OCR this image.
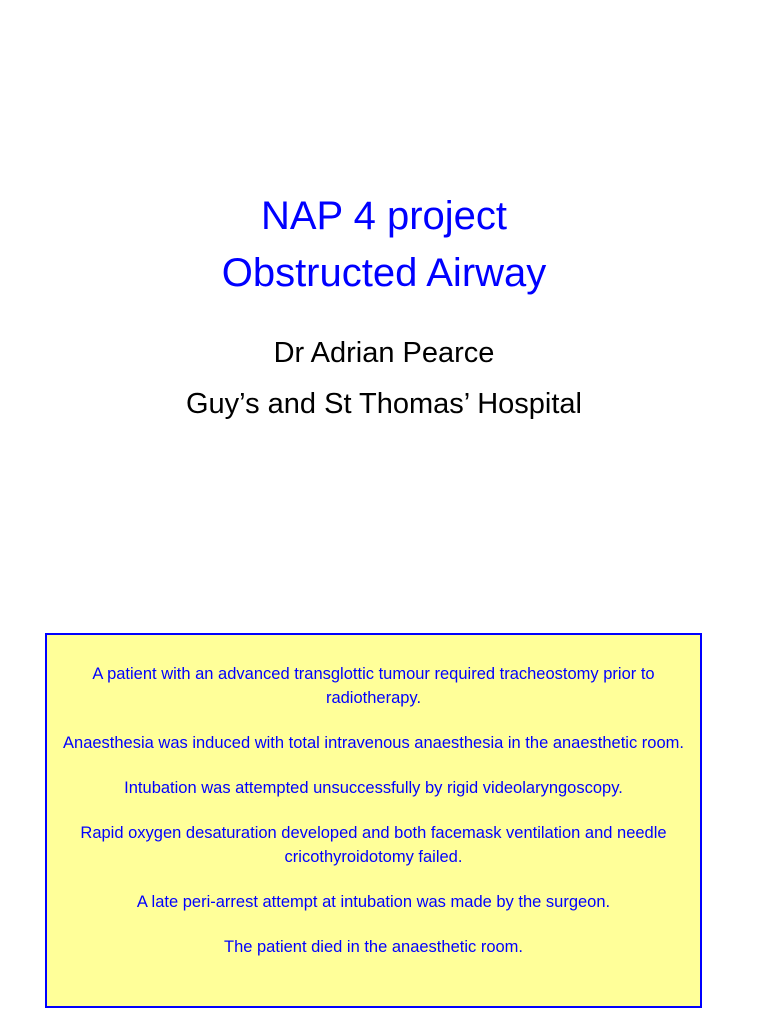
NAP 4 project
Obstructed Airway
Dr Adrian Pearce
Guy’s and St Thomas’ Hospital

A patient with an advanced transglottic tumour required tracheostomy prior to radiotherapy.

Anaesthesia was induced with total intravenous anaesthesia in the anaesthetic room.

Intubation was attempted unsuccessfully by rigid videolaryngoscopy.

Rapid oxygen desaturation developed and both facemask ventilation and needle cricothyroidotomy failed.

A late peri-arrest attempt at intubation was made by the surgeon.

The patient died in the anaesthetic room.
